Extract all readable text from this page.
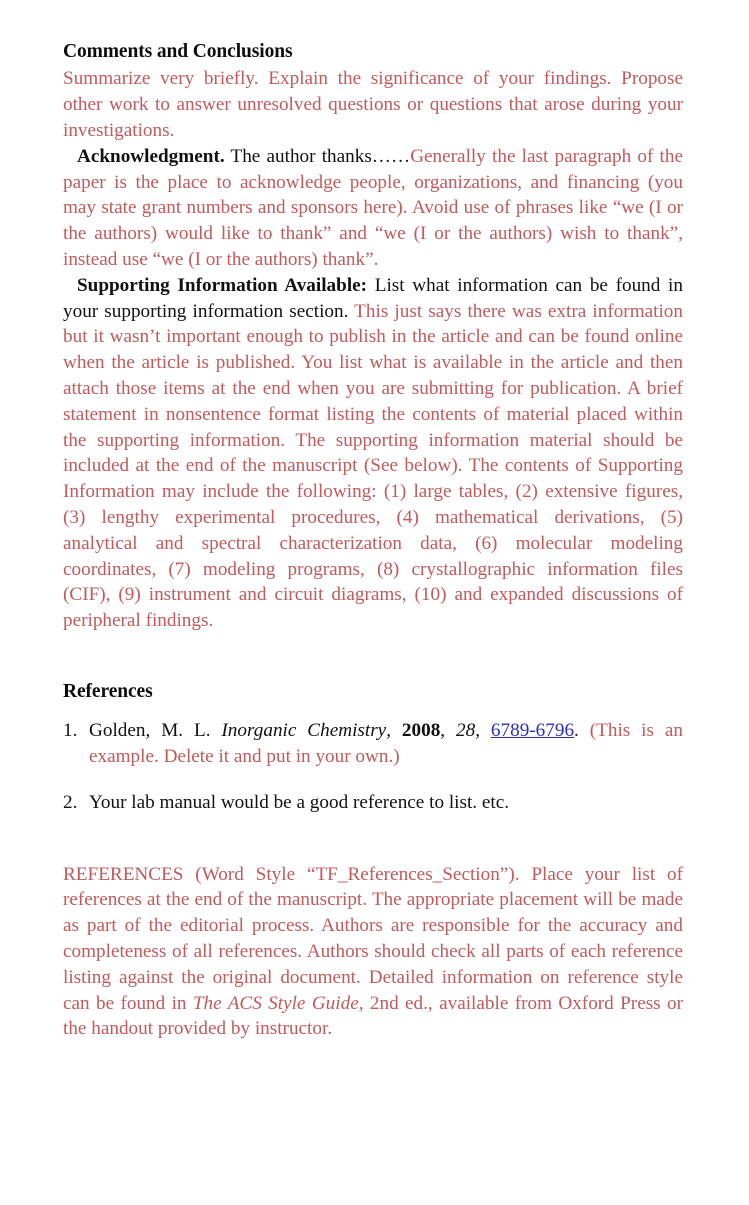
Comments and Conclusions

Summarize very briefly. Explain the significance of your findings. Propose other work to answer unresolved questions or questions that arose during your investigations.

Acknowledgment. The author thanks……Generally the last paragraph of the paper is the place to acknowledge people, organizations, and financing (you may state grant numbers and sponsors here). Avoid use of phrases like “we (I or the authors) would like to thank” and “we (I or the authors) wish to thank”, instead use “we (I or the authors) thank”.

Supporting Information Available: List what information can be found in your supporting information section. This just says there was extra information but it wasn’t important enough to publish in the article and can be found online when the article is published. You list what is available in the article and then attach those items at the end when you are submitting for publication. A brief statement in nonsentence format listing the contents of material placed within the supporting information. The supporting information material should be included at the end of the manuscript (See below). The contents of Supporting Information may include the following: (1) large tables, (2) extensive figures, (3) lengthy experimental procedures, (4) mathematical derivations, (5) analytical and spectral characterization data, (6) molecular modeling coordinates, (7) modeling programs, (8) crystallographic information files (CIF), (9) instrument and circuit diagrams, (10) and expanded discussions of peripheral findings.

References
1. Golden, M. L. Inorganic Chemistry, 2008, 28, 6789-6796. (This is an example. Delete it and put in your own.)
2. Your lab manual would be a good reference to list. etc.

REFERENCES (Word Style “TF_References_Section”). Place your list of references at the end of the manuscript. The appropriate placement will be made as part of the editorial process. Authors are responsible for the accuracy and completeness of all references. Authors should check all parts of each reference listing against the original document. Detailed information on reference style can be found in The ACS Style Guide, 2nd ed., available from Oxford Press or the handout provided by instructor.
